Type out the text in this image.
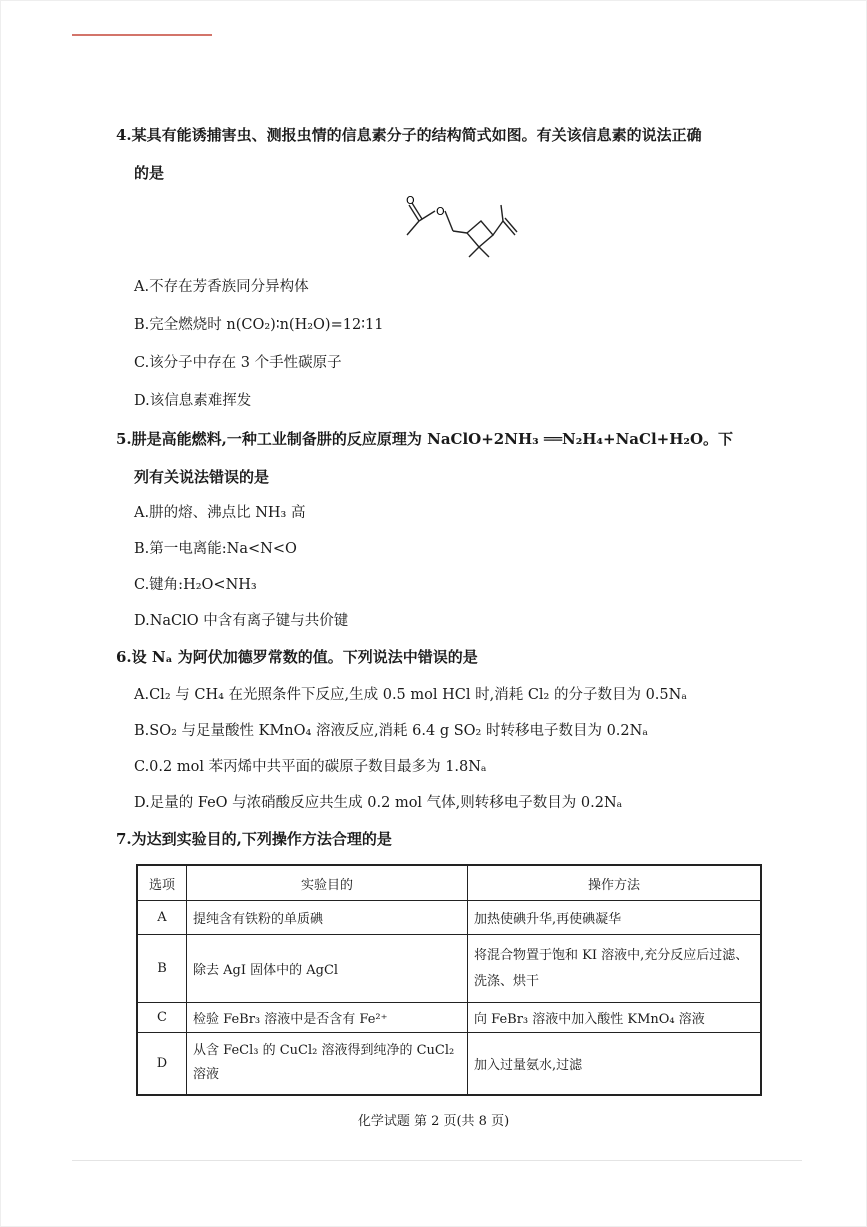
4.某具有能诱捕害虫、测报虫情的信息素分子的结构简式如图。有关该信息素的说法正确
的是
O
O
A.不存在芳香族同分异构体
B.完全燃烧时 n(CO₂)∶n(H₂O)=12∶11
C.该分子中存在 3 个手性碳原子
D.该信息素难挥发
5.肼是高能燃料,一种工业制备肼的反应原理为 NaClO+2NH₃ ══N₂H₄+NaCl+H₂O。下
列有关说法错误的是
A.肼的熔、沸点比 NH₃ 高
B.第一电离能:Na<N<O
C.键角:H₂O<NH₃
D.NaClO 中含有离子键与共价键
6.设 Nₐ 为阿伏加德罗常数的值。下列说法中错误的是
A.Cl₂ 与 CH₄ 在光照条件下反应,生成 0.5 mol HCl 时,消耗 Cl₂ 的分子数目为 0.5Nₐ
B.SO₂ 与足量酸性 KMnO₄ 溶液反应,消耗 6.4 g SO₂ 时转移电子数目为 0.2Nₐ
C.0.2 mol 苯丙烯中共平面的碳原子数目最多为 1.8Nₐ
D.足量的 FeO 与浓硝酸反应共生成 0.2 mol 气体,则转移电子数目为 0.2Nₐ
7.为达到实验目的,下列操作方法合理的是
选项	实验目的	操作方法
A	提纯含有铁粉的单质碘	加热使碘升华,再使碘凝华
B	除去 AgI 固体中的 AgCl	将混合物置于饱和 KI 溶液中,充分反应后过滤、洗涤、烘干
C	检验 FeBr₃ 溶液中是否含有 Fe²⁺	向 FeBr₃ 溶液中加入酸性 KMnO₄ 溶液
D	从含 FeCl₃ 的 CuCl₂ 溶液得到纯净的 CuCl₂ 溶液	加入过量氨水,过滤
化学试题 第 2 页(共 8 页)
